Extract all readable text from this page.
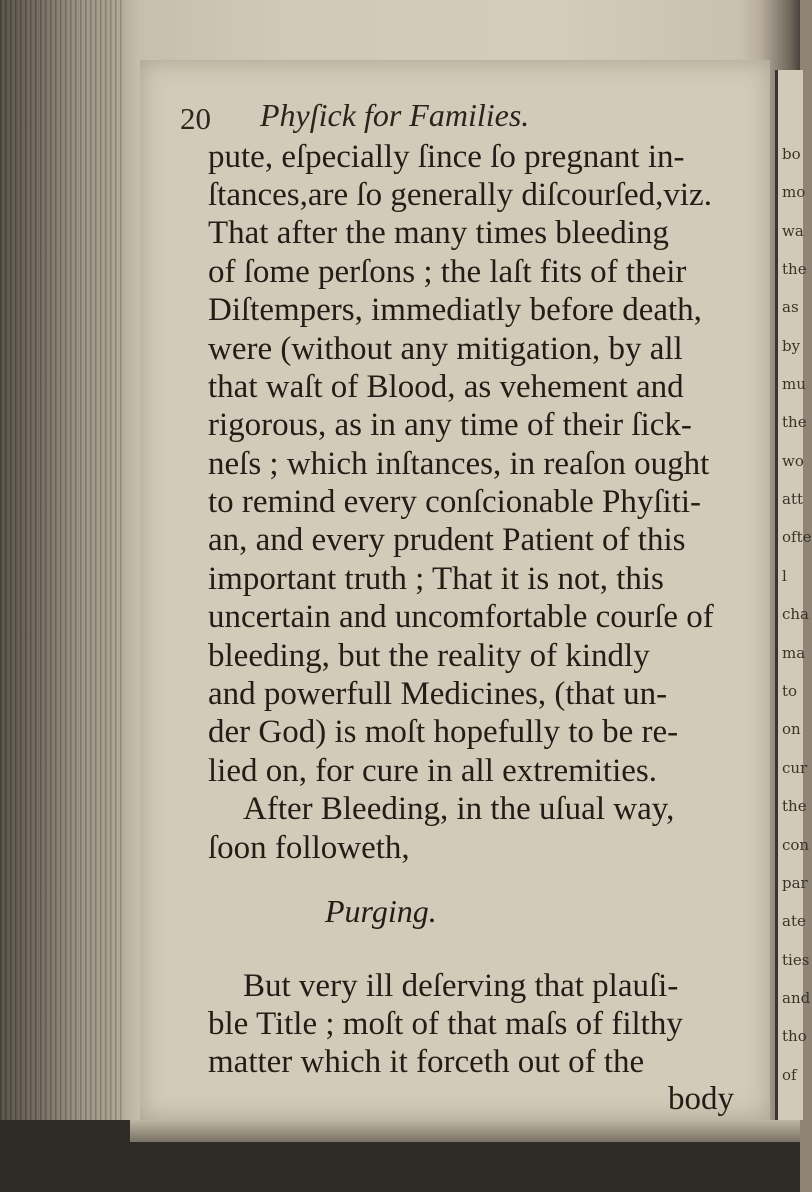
20 Phyſick for Families.
pute, eſpecially ſince ſo pregnant in-
ſtances,are ſo generally diſcourſed,viz.
That after the many times bleeding
of ſome perſons ; the laſt fits of their
Diſtempers, immediatly before death,
were (without any mitigation, by all
that waſt of Blood, as vehement and
rigorous, as in any time of their ſick-
neſs ; which inſtances, in reaſon ought
to remind every conſcionable Phyſiti-
an, and every prudent Patient of this
important truth ; That it is not, this
uncertain and uncomfortable courſe of
bleeding, but the reality of kindly
and powerfull Medicines, (that un-
der God) is moſt hopefully to be re-
lied on, for cure in all extremities.
After Bleeding, in the uſual way,
ſoon followeth,
But very ill deſerving that plauſi-
ble Title ; moſt of that maſs of filthy
matter which it forceth out of the
body
Purging.
bo
mo
wa
the
as
by
mu
the
wo
att
ofte
l
cha
ma
to
on
cur
the
con
par
ate
ties
and
tho
of
